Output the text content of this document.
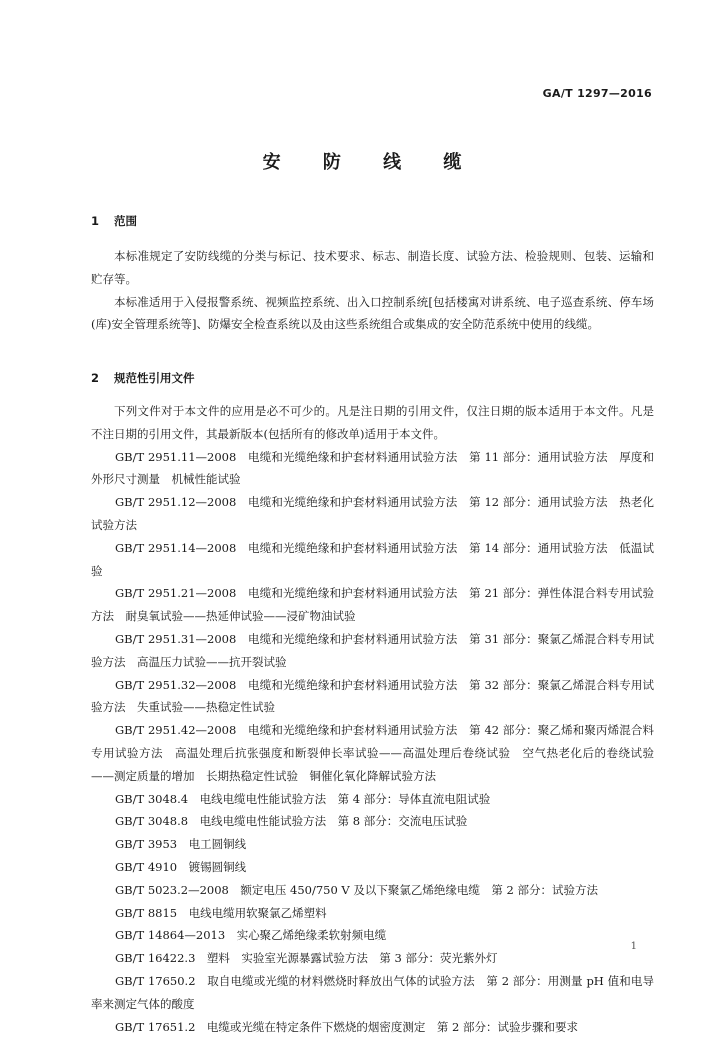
GA/T 1297—2016
安 防 线 缆
1 范围

本标准规定了安防线缆的分类与标记、技术要求、标志、制造长度、试验方法、检验规则、包装、运输和贮存等。

本标准适用于入侵报警系统、视频监控系统、出入口控制系统[包括楼寓对讲系统、电子巡查系统、停车场(库)安全管理系统等]、防爆安全检查系统以及由这些系统组合或集成的安全防范系统中使用的线缆。

2 规范性引用文件

下列文件对于本文件的应用是必不可少的。凡是注日期的引用文件，仅注日期的版本适用于本文件。凡是不注日期的引用文件，其最新版本(包括所有的修改单)适用于本文件。

GB/T 2951.11—2008　电缆和光缆绝缘和护套材料通用试验方法　第 11 部分：通用试验方法　厚度和外形尺寸测量　机械性能试验

GB/T 2951.12—2008　电缆和光缆绝缘和护套材料通用试验方法　第 12 部分：通用试验方法　热老化试验方法

GB/T 2951.14—2008　电缆和光缆绝缘和护套材料通用试验方法　第 14 部分：通用试验方法　低温试验

GB/T 2951.21—2008　电缆和光缆绝缘和护套材料通用试验方法　第 21 部分：弹性体混合料专用试验方法　耐臭氧试验——热延伸试验——浸矿物油试验

GB/T 2951.31—2008　电缆和光缆绝缘和护套材料通用试验方法　第 31 部分：聚氯乙烯混合料专用试验方法　高温压力试验——抗开裂试验

GB/T 2951.32—2008　电缆和光缆绝缘和护套材料通用试验方法　第 32 部分：聚氯乙烯混合料专用试验方法　失重试验——热稳定性试验

GB/T 2951.42—2008　电缆和光缆绝缘和护套材料通用试验方法　第 42 部分：聚乙烯和聚丙烯混合料专用试验方法　高温处理后抗张强度和断裂伸长率试验——高温处理后卷绕试验　空气热老化后的卷绕试验——测定质量的增加　长期热稳定性试验　铜催化氧化降解试验方法

GB/T 3048.4　电线电缆电性能试验方法　第 4 部分：导体直流电阻试验

GB/T 3048.8　电线电缆电性能试验方法　第 8 部分：交流电压试验

GB/T 3953　电工圆铜线

GB/T 4910　镀锡圆铜线

GB/T 5023.2—2008　额定电压 450/750 V 及以下聚氯乙烯绝缘电缆　第 2 部分：试验方法

GB/T 8815　电线电缆用软聚氯乙烯塑料

GB/T 14864—2013　实心聚乙烯绝缘柔软射频电缆

GB/T 16422.3　塑料　实验室光源暴露试验方法　第 3 部分：荧光紫外灯

GB/T 17650.2　取自电缆或光缆的材料燃烧时释放出气体的试验方法　第 2 部分：用测量 pH 值和电导率来测定气体的酸度

GB/T 17651.2　电缆或光缆在特定条件下燃烧的烟密度测定　第 2 部分：试验步骤和要求

1
